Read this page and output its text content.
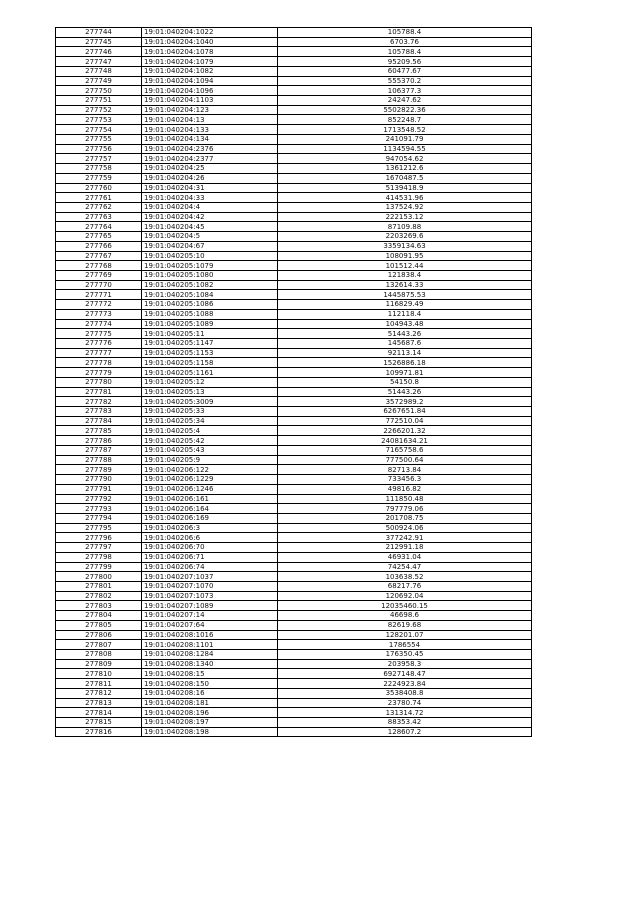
277744	19:01:040204:1022	105788.4
277745	19:01:040204:1040	6703.76
277746	19:01:040204:1078	105788.4
277747	19:01:040204:1079	95209.56
277748	19:01:040204:1082	60477.67
277749	19:01:040204:1094	555370.2
277750	19:01:040204:1096	106377.3
277751	19:01:040204:1103	24247.62
277752	19:01:040204:123	5502822.36
277753	19:01:040204:13	852248.7
277754	19:01:040204:133	1713548.52
277755	19:01:040204:134	241091.79
277756	19:01:040204:2376	1134594.55
277757	19:01:040204:2377	947054.62
277758	19:01:040204:25	1361212.6
277759	19:01:040204:26	1670487.5
277760	19:01:040204:31	5139418.9
277761	19:01:040204:33	414531.96
277762	19:01:040204:4	137524.92
277763	19:01:040204:42	222153.12
277764	19:01:040204:45	87109.88
277765	19:01:040204:5	2203269.6
277766	19:01:040204:67	3359134.63
277767	19:01:040205:10	108091.95
277768	19:01:040205:1079	101512.44
277769	19:01:040205:1080	121838.4
277770	19:01:040205:1082	132614.33
277771	19:01:040205:1084	1445875.53
277772	19:01:040205:1086	116829.49
277773	19:01:040205:1088	112118.4
277774	19:01:040205:1089	104943.48
277775	19:01:040205:11	51443.26
277776	19:01:040205:1147	145687.6
277777	19:01:040205:1153	92113.14
277778	19:01:040205:1158	1526886.18
277779	19:01:040205:1161	109971.81
277780	19:01:040205:12	54150.8
277781	19:01:040205:13	51443.26
277782	19:01:040205:3009	3572989.2
277783	19:01:040205:33	6267651.84
277784	19:01:040205:34	772510.04
277785	19:01:040205:4	2266201.32
277786	19:01:040205:42	24081634.21
277787	19:01:040205:43	7165758.6
277788	19:01:040205:9	777500.64
277789	19:01:040206:122	82713.84
277790	19:01:040206:1229	733456.3
277791	19:01:040206:1246	49816.82
277792	19:01:040206:161	111850.48
277793	19:01:040206:164	797779.06
277794	19:01:040206:169	201708.75
277795	19:01:040206:3	500924.06
277796	19:01:040206:6	377242.91
277797	19:01:040206:70	212991.18
277798	19:01:040206:71	46931.04
277799	19:01:040206:74	74254.47
277800	19:01:040207:1037	103638.52
277801	19:01:040207:1070	68217.76
277802	19:01:040207:1073	120692.04
277803	19:01:040207:1089	12035460.15
277804	19:01:040207:14	46698.6
277805	19:01:040207:64	82619.68
277806	19:01:040208:1016	128201.07
277807	19:01:040208:1101	1786554
277808	19:01:040208:1284	176350.45
277809	19:01:040208:1340	203958.3
277810	19:01:040208:15	6927148.47
277811	19:01:040208:150	2224923.84
277812	19:01:040208:16	3538408.8
277813	19:01:040208:181	23780.74
277814	19:01:040208:196	131314.72
277815	19:01:040208:197	88353.42
277816	19:01:040208:198	128607.2
